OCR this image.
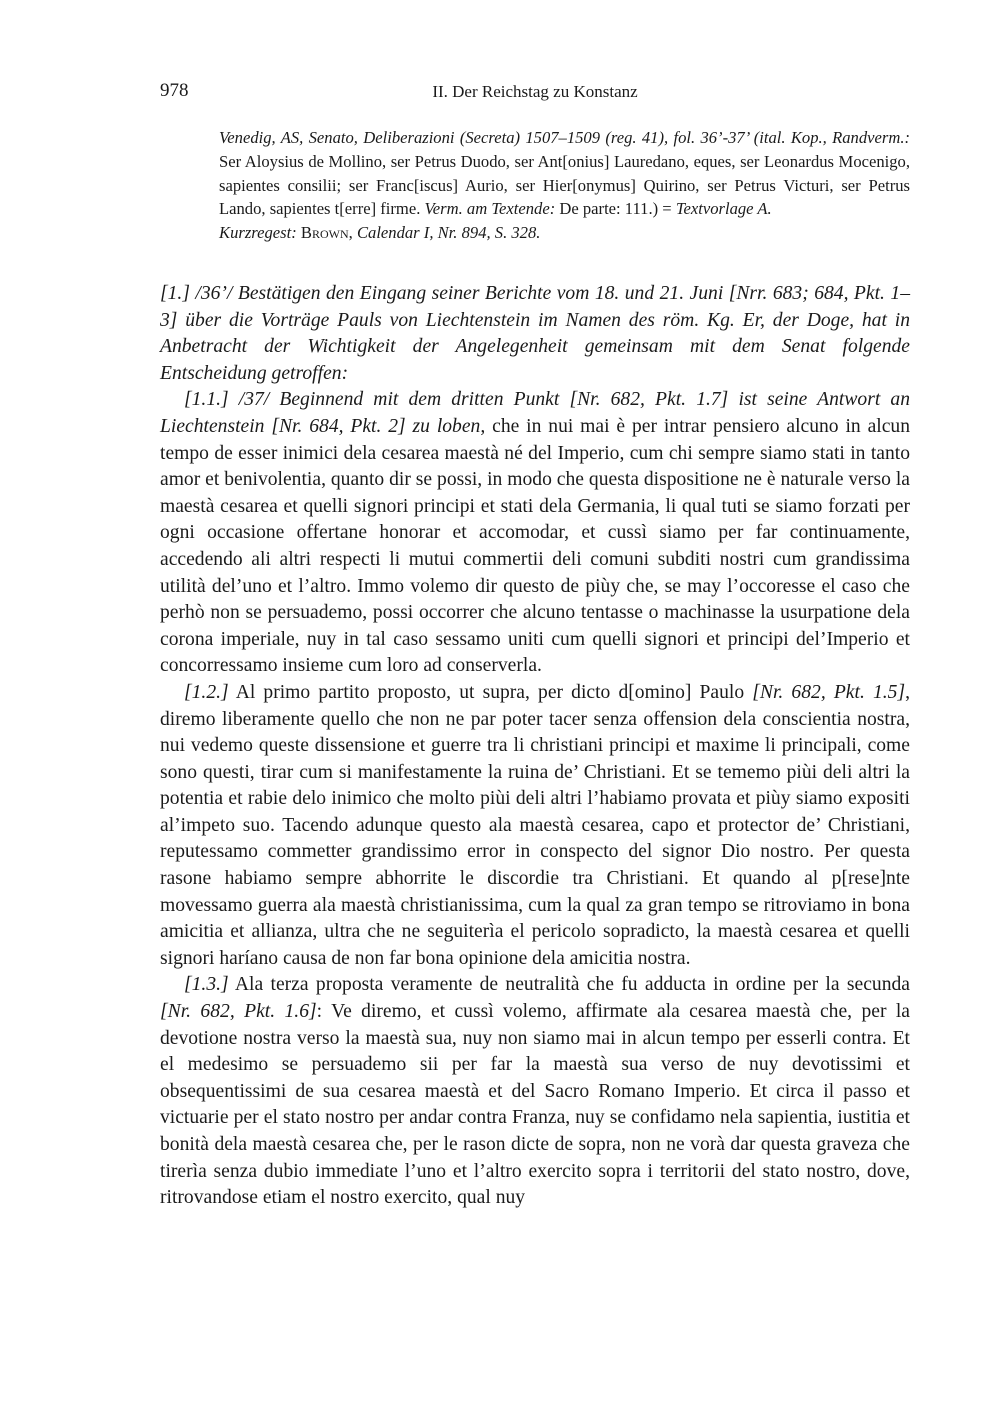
978	II. Der Reichstag zu Konstanz

Venedig, AS, Senato, Deliberazioni (Secreta) 1507–1509 (reg. 41), fol. 36’-37’ (ital. Kop., Randverm.: Ser Aloysius de Mollino, ser Petrus Duodo, ser Ant[onius] Lauredano, eques, ser Leonardus Mocenigo, sapientes consilii; ser Franc[iscus] Aurio, ser Hier[onymus] Quirino, ser Petrus Victuri, ser Petrus Lando, sapientes t[erre] firme. Verm. am Textende: De parte: 111.) = Textvorlage A.

Kurzregest: Brown, Calendar I, Nr. 894, S. 328.

[1.] /36’/ Bestätigen den Eingang seiner Berichte vom 18. und 21. Juni [Nrr. 683; 684, Pkt. 1–3] über die Vorträge Pauls von Liechtenstein im Namen des röm. Kg. Er, der Doge, hat in Anbetracht der Wichtigkeit der Angelegenheit gemeinsam mit dem Senat folgende Entscheidung getroffen:

[1.1.] /37/ Beginnend mit dem dritten Punkt [Nr. 682, Pkt. 1.7] ist seine Antwort an Liechtenstein [Nr. 684, Pkt. 2] zu loben, che in nui mai è per intrar pensiero alcuno in alcun tempo de esser inimici dela cesarea maestà né del Imperio, cum chi sempre siamo stati in tanto amor et benivolentia, quanto dir se possi, in modo che questa dispositione ne è naturale verso la maestà cesarea et quelli signori principi et stati dela Germania, li qual tuti se siamo forzati per ogni occasione offertane honorar et accomodar, et cussì siamo per far continuamente, accedendo ali altri respecti li mutui commertii deli comuni subditi nostri cum grandissima utilità del’uno et l’altro. Immo volemo dir questo de piùy che, se may l’occoresse el caso che perhò non se persuademo, possi occorrer che alcuno tentasse o machinasse la usurpatione dela corona imperiale, nuy in tal caso sessamo uniti cum quelli signori et principi del’Imperio et concorressamo insieme cum loro ad conserverla.

[1.2.] Al primo partito proposto, ut supra, per dicto d[omino] Paulo [Nr. 682, Pkt. 1.5], diremo liberamente quello che non ne par poter tacer senza offension dela conscientia nostra, nui vedemo queste dissensione et guerre tra li christiani principi et maxime li principali, come sono questi, tirar cum si manifestamente la ruina de’ Christiani. Et se tememo piùi deli altri la potentia et rabie delo inimico che molto piùi deli altri l’habiamo provata et piùy siamo expositi al’impeto suo. Tacendo adunque questo ala maestà cesarea, capo et protector de’ Christiani, reputessamo commetter grandissimo error in conspecto del signor Dio nostro. Per questa rasone habiamo sempre abhorrite le discordie tra Christiani. Et quando al p[rese]nte movessamo guerra ala maestà christianissima, cum la qual za gran tempo se ritroviamo in bona amicitia et allianza, ultra che ne seguiterìa el pericolo sopradicto, la maestà cesarea et quelli signori haríano causa de non far bona opinione dela amicitia nostra.

[1.3.] Ala terza proposta veramente de neutralità che fu adducta in ordine per la secunda [Nr. 682, Pkt. 1.6]: Ve diremo, et cussì volemo, affirmate ala cesarea maestà che, per la devotione nostra verso la maestà sua, nuy non siamo mai in alcun tempo per esserli contra. Et el medesimo se persuademo sii per far la maestà sua verso de nuy devotissimi et obsequentissimi de sua cesarea maestà et del Sacro Romano Imperio. Et circa il passo et victuarie per el stato nostro per andar contra Franza, nuy se confidamo nela sapientia, iustitia et bonità dela maestà cesarea che, per le rason dicte de sopra, non ne vorà dar questa graveza che tirerìa senza dubio immediate l’uno et l’altro exercito sopra i territorii del stato nostro, dove, ritrovandose etiam el nostro exercito, qual nuy
